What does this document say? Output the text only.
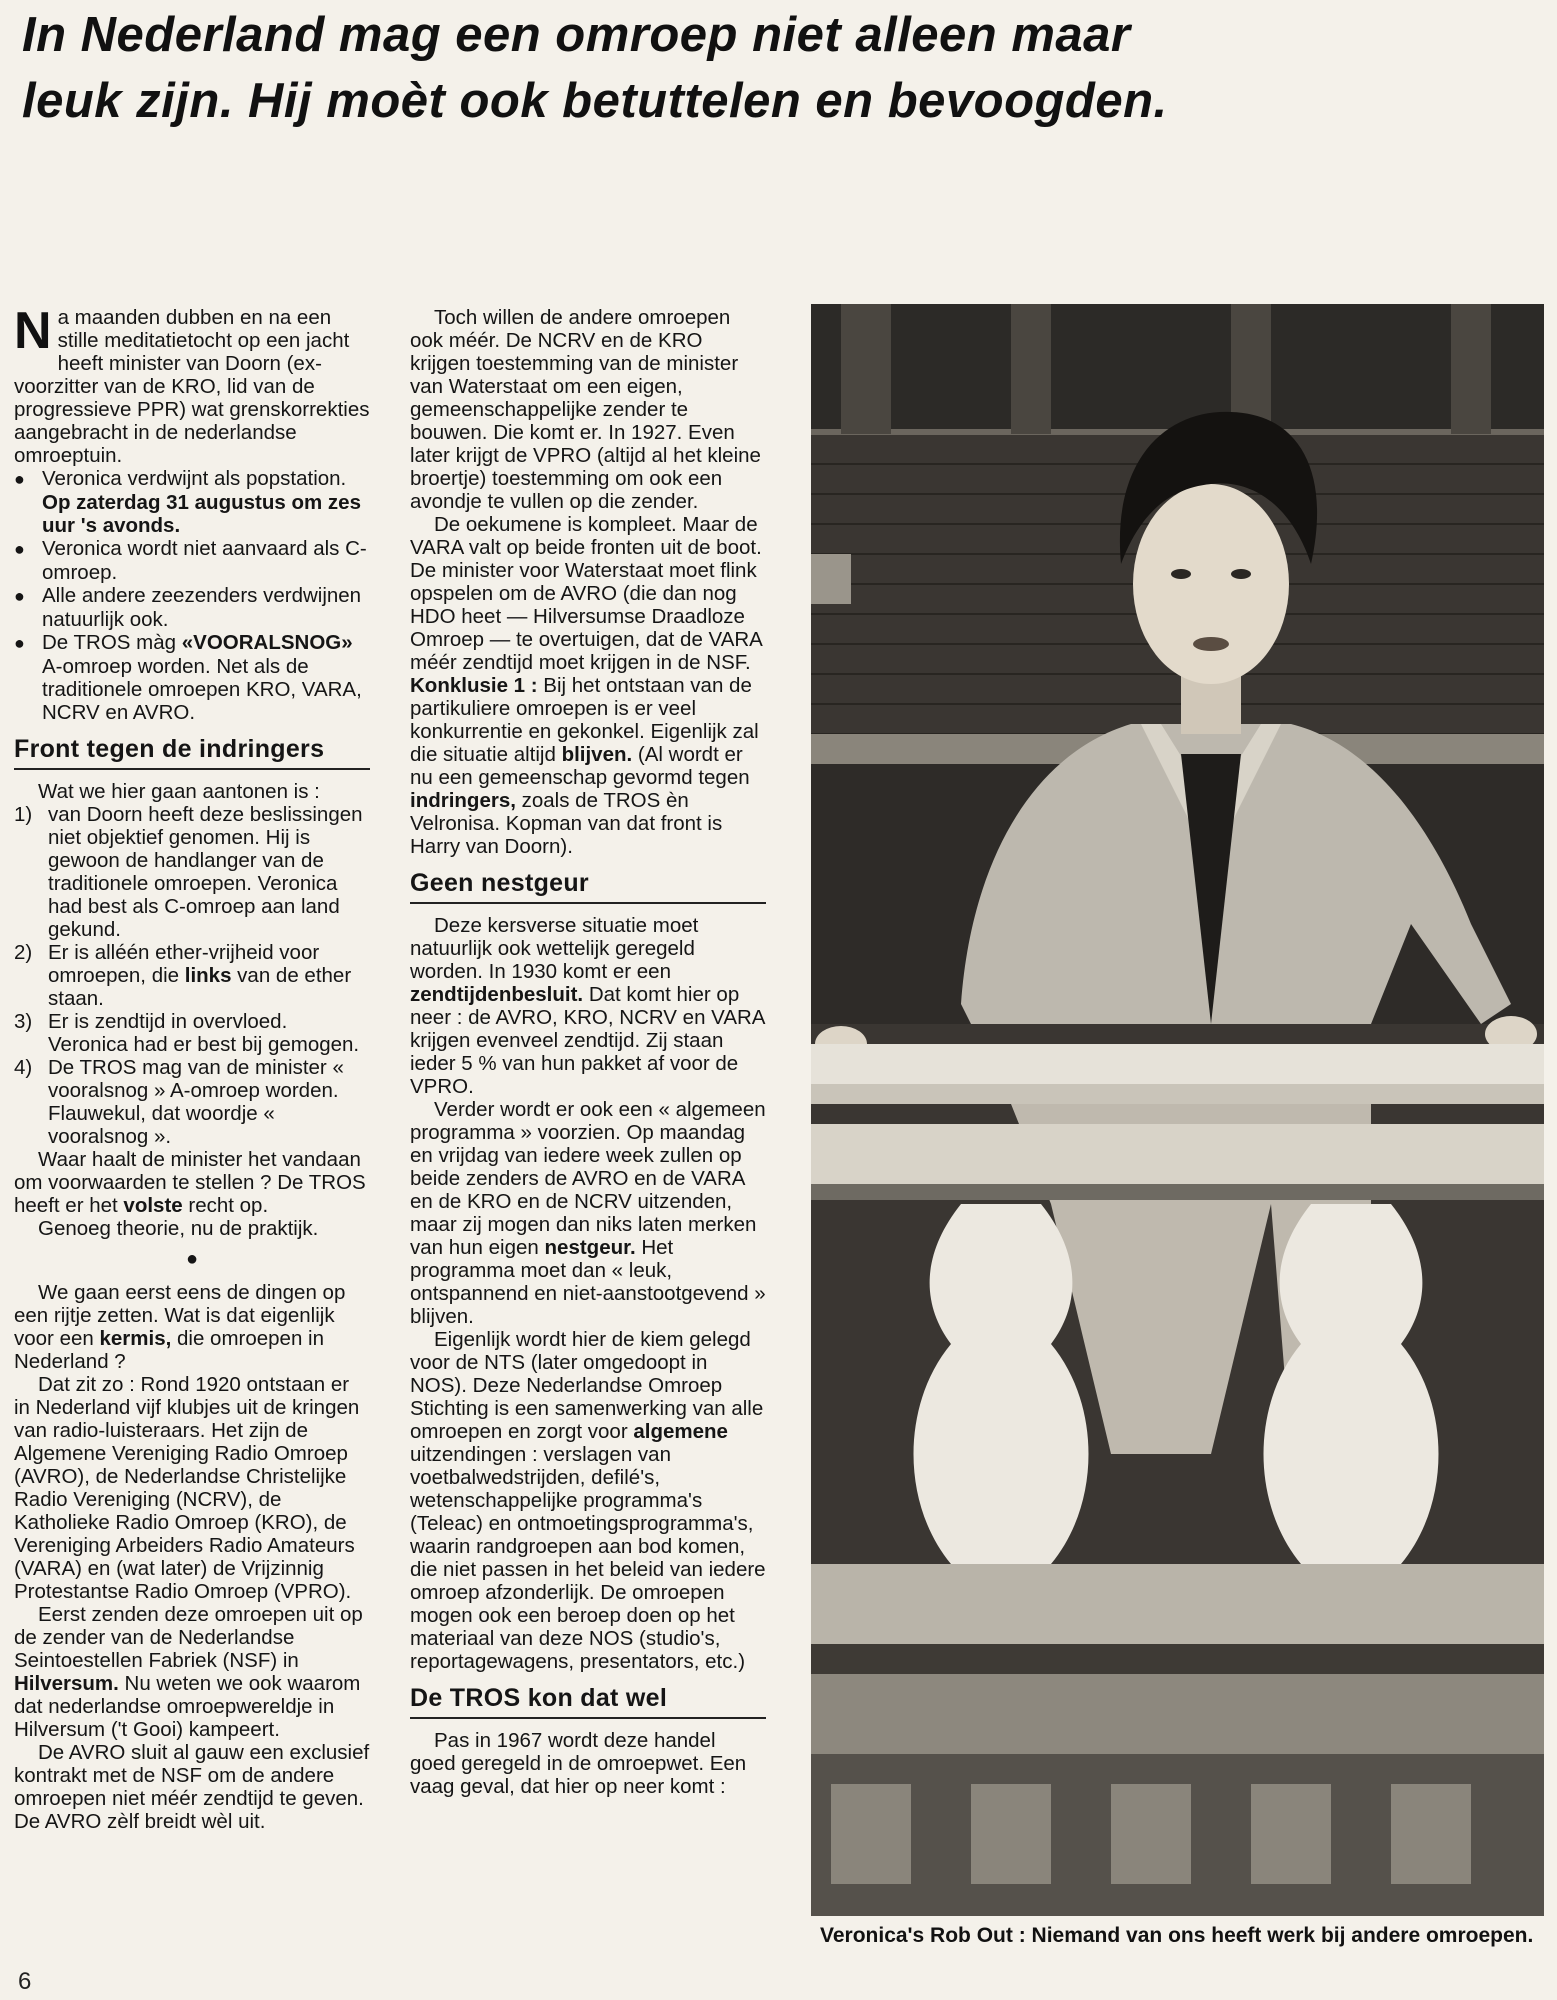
In Nederland mag een omroep niet alleen maar
leuk zijn. Hij moèt ook betuttelen en bevoogden.

Na maanden dubben en na een stille meditatietocht op een jacht heeft minister van Doorn (ex-voorzitter van de KRO, lid van de progressieve PPR) wat grenskorrekties aangebracht in de nederlandse omroeptuin.

● Veronica verdwijnt als popstation. Op zaterdag 31 augustus om zes uur 's avonds.

● Veronica wordt niet aanvaard als C-omroep.

● Alle andere zeezenders verdwijnen natuurlijk ook.

● De TROS màg «VOORALSNOG» A-omroep worden. Net als de traditionele omroepen KRO, VARA, NCRV en AVRO.

Front tegen de indringers

Wat we hier gaan aantonen is :

1) van Doorn heeft deze beslissingen niet objektief genomen. Hij is gewoon de handlanger van de traditionele omroepen. Veronica had best als C-omroep aan land gekund.

2) Er is alléén ether-vrijheid voor omroepen, die links van de ether staan.

3) Er is zendtijd in overvloed. Veronica had er best bij gemogen.

4) De TROS mag van de minister « vooralsnog » A-omroep worden. Flauwekul, dat woordje « vooralsnog ».

Waar haalt de minister het vandaan om voorwaarden te stellen ? De TROS heeft er het volste recht op.

Genoeg theorie, nu de praktijk.

●

We gaan eerst eens de dingen op een rijtje zetten. Wat is dat eigenlijk voor een kermis, die omroepen in Nederland ?

Dat zit zo : Rond 1920 ontstaan er in Nederland vijf klubjes uit de kringen van radio-luisteraars. Het zijn de Algemene Vereniging Radio Omroep (AVRO), de Nederlandse Christelijke Radio Vereniging (NCRV), de Katholieke Radio Omroep (KRO), de Vereniging Arbeiders Radio Amateurs (VARA) en (wat later) de Vrijzinnig Protestantse Radio Omroep (VPRO).

Eerst zenden deze omroepen uit op de zender van de Nederlandse Seintoestellen Fabriek (NSF) in Hilversum. Nu weten we ook waarom dat nederlandse omroepwereldje in Hilversum ('t Gooi) kampeert.

De AVRO sluit al gauw een exclusief kontrakt met de NSF om de andere omroepen niet méér zendtijd te geven. De AVRO zèlf breidt wèl uit.

Toch willen de andere omroepen ook méér. De NCRV en de KRO krijgen toestemming van de minister van Waterstaat om een eigen, gemeenschappelijke zender te bouwen. Die komt er. In 1927. Even later krijgt de VPRO (altijd al het kleine broertje) toestemming om ook een avondje te vullen op die zender.

De oekumene is kompleet. Maar de VARA valt op beide fronten uit de boot. De minister voor Waterstaat moet flink opspelen om de AVRO (die dan nog HDO heet — Hilversumse Draadloze Omroep — te overtuigen, dat de VARA méér zendtijd moet krijgen in de NSF.

Konklusie 1 : Bij het ontstaan van de partikuliere omroepen is er veel konkurrentie en gekonkel. Eigenlijk zal die situatie altijd blijven. (Al wordt er nu een gemeenschap gevormd tegen indringers, zoals de TROS èn Velronisa. Kopman van dat front is Harry van Doorn).

Geen nestgeur

Deze kersverse situatie moet natuurlijk ook wettelijk geregeld worden. In 1930 komt er een zendtijdenbesluit. Dat komt hier op neer : de AVRO, KRO, NCRV en VARA krijgen evenveel zendtijd. Zij staan ieder 5 % van hun pakket af voor de VPRO.

Verder wordt er ook een « algemeen programma » voorzien. Op maandag en vrijdag van iedere week zullen op beide zenders de AVRO en de VARA en de KRO en de NCRV uitzenden, maar zij mogen dan niks laten merken van hun eigen nestgeur. Het programma moet dan « leuk, ontspannend en niet-aanstootgevend » blijven.

Eigenlijk wordt hier de kiem gelegd voor de NTS (later omgedoopt in NOS). Deze Nederlandse Omroep Stichting is een samenwerking van alle omroepen en zorgt voor algemene uitzendingen : verslagen van voetbalwedstrijden, defilé's, wetenschappelijke programma's (Teleac) en ontmoetingsprogramma's, waarin randgroepen aan bod komen, die niet passen in het beleid van iedere omroep afzonderlijk. De omroepen mogen ook een beroep doen op het materiaal van deze NOS (studio's, reportagewagens, presentators, etc.)

De TROS kon dat wel

Pas in 1967 wordt deze handel goed geregeld in de omroepwet. Een vaag geval, dat hier op neer komt :

Veronica's Rob Out : Niemand van ons heeft werk bij andere omroepen.
6
